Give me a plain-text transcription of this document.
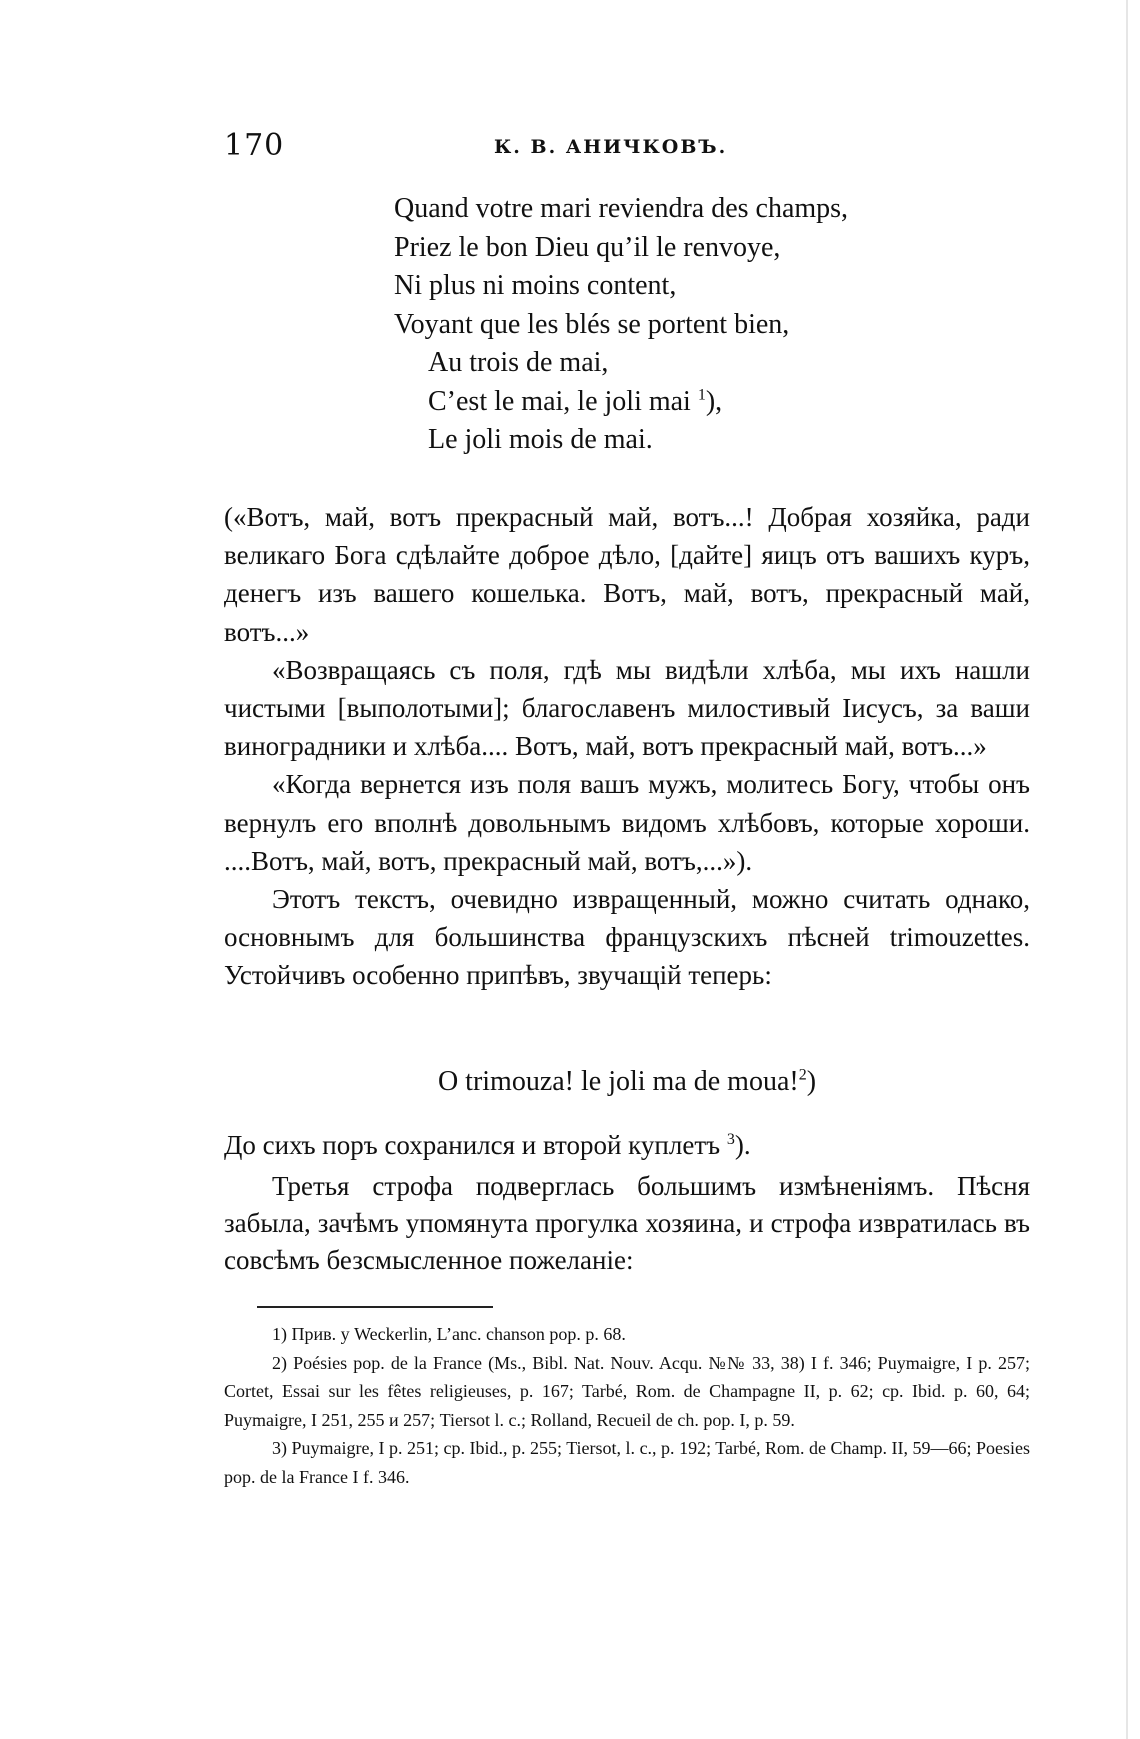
170	К. В. АНИЧКОВЪ.
Quand votre mari reviendra des champs,
Priez le bon Dieu qu’il le renvoye,
Ni plus ni moins content,
Voyant que les blés se portent bien,
Au trois de mai,
C’est le mai, le joli mai $^1$),
Le joli mois de mai.

(«Вотъ, май, вотъ прекрасный май, вотъ...! Добрая хозяйка, ради великаго Бога сдѣлайте доброе дѣло, [дайте] яицъ отъ вашихъ куръ, денегъ изъ вашего кошелька. Вотъ, май, вотъ, прекрасный май, вотъ...»

«Возвращаясь съ поля, гдѣ мы видѣли хлѣба, мы ихъ нашли чистыми [выполотыми]; благославенъ милостивый Іисусъ, за ваши виноградники и хлѣба.... Вотъ, май, вотъ прекрасный май, вотъ...»

«Когда вернется изъ поля вашъ мужъ, молитесь Богу, чтобы онъ вернулъ его вполнѣ довольнымъ видомъ хлѣбовъ, которые хороши. ....Вотъ, май, вотъ, прекрасный май, вотъ,...»).

Этотъ текстъ, очевидно извращенный, можно считать однако, основнымъ для большинства французскихъ пѣсней trimouzettes. Устойчивъ особенно припѣвъ, звучащій теперь:

O trimouza! le joli ma de moua!$^2$)

До сихъ поръ сохранился и второй куплетъ $^3$).

Третья строфа подверглась большимъ измѣненіямъ. Пѣсня забыла, зачѣмъ упомянута прогулка хозяина, и строфа извратилась въ совсѣмъ безсмысленное пожеланіе:

1) Прив. у Weckerlin, L’anc. chanson pop. p. 68.

2) Poésies pop. de la France (Ms., Bibl. Nat. Nouv. Acqu. №№ 33, 38) I f. 346; Puymaigre, I p. 257; Cortet, Essai sur les fêtes religieuses, p. 167; Tarbé, Rom. de Champagne II, p. 62; cp. Ibid. p. 60, 64; Puymaigre, I 251, 255 и 257; Tiersot l. c.; Rolland, Recueil de ch. pop. I, p. 59.

3) Puymaigre, I p. 251; cp. Ibid., p. 255; Tiersot, l. c., p. 192; Tarbé, Rom. de Champ. II, 59—66; Poesies pop. de la France I f. 346.
